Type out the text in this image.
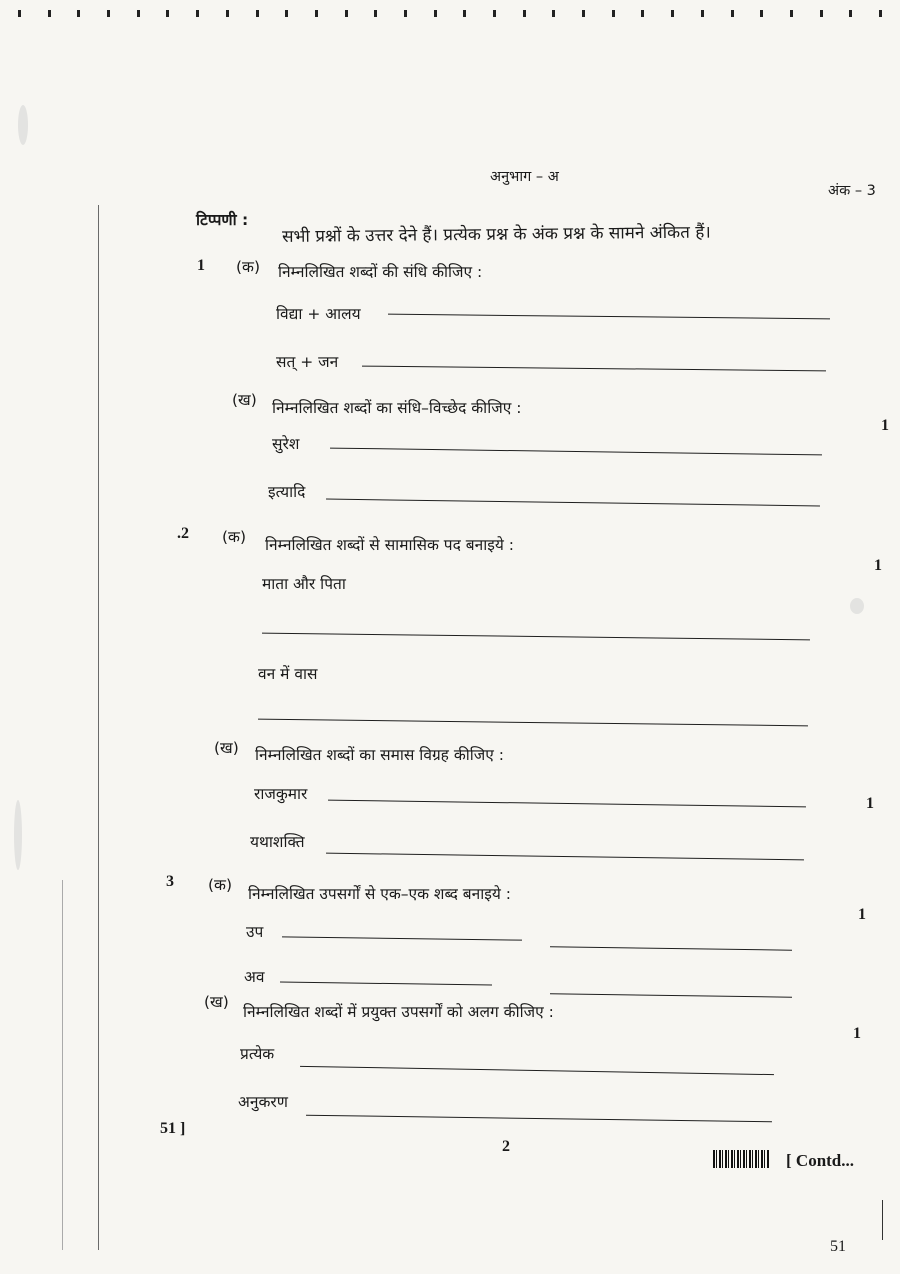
अनुभाग – अ
अंक – 3
टिप्पणी :
सभी प्रश्नों के उत्तर देने हैं। प्रत्येक प्रश्न के अंक प्रश्न के सामने अंकित हैं।
1 (क) निम्नलिखित शब्दों की संधि कीजिए :
विद्या + आलय
सत् + जन
(ख) निम्नलिखित शब्दों का संधि–विच्छेद कीजिए :
1
सुरेश
इत्यादि
.2 (क) निम्नलिखित शब्दों से सामासिक पद बनाइये :
1
माता और पिता
वन में वास
(ख) निम्नलिखित शब्दों का समास विग्रह कीजिए :
1
राजकुमार
यथाशक्ति
3 (क) निम्नलिखित उपसर्गों से एक–एक शब्द बनाइये :
1
उप
अव
(ख)
निम्नलिखित शब्दों में प्रयुक्त उपसर्गों को अलग कीजिए :
1
प्रत्येक
अनुकरण
51 ]
2
[ Contd...
51
